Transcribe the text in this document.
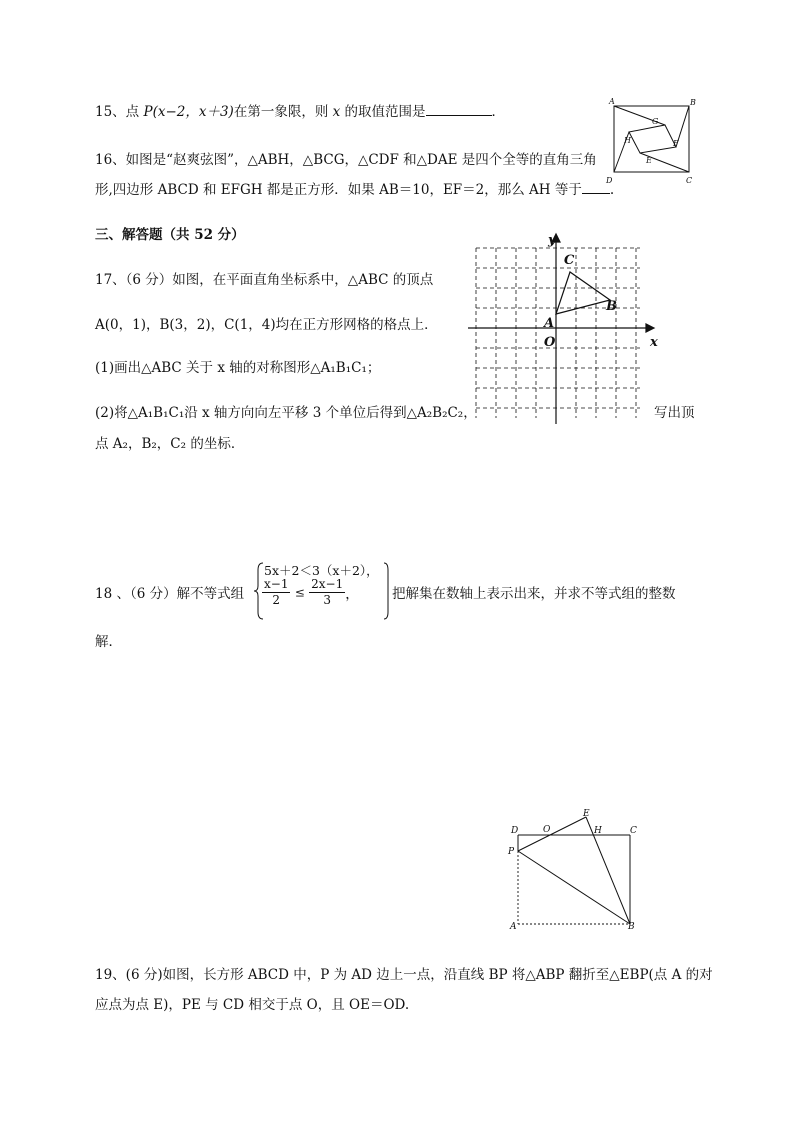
15、点 P(x−2，x＋3)在第一象限，则 x 的取值范围是	．
A	B
C
D
E
F
G
H
16、如图是“赵爽弦图”，△ABH，△BCG，△CDF 和△DAE 是四个全等的直角三角
形,四边形 ABCD 和 EFGH 都是正方形．如果 AB＝10，EF＝2，那么 AH 等于 .
三、解答题（共 52 分）
17、（6 分）如图，在平面直角坐标系中，△ABC 的顶点
A(0，1)，B(3，2)，C(1，4)均在正方形网格的格点上．
(1)画出△ABC 关于 x 轴的对称图形△A₁B₁C₁；
(2)将△A₁B₁C₁沿 x 轴方向向左平移 3 个单位后得到△A₂B₂C₂，	写出顶
点 A₂，B₂，C₂ 的坐标．
y
x
O
A
B
C
18 、（6 分）解不等式组
5x＋2＜3（x＋2），
$\frac{x-1}{2} \le \frac{2x-1}{3}$ ， 把解集在数轴上表示出来，并求不等式组的整数
解．
D	O
E
H	C
P
A	B
19、(6 分)如图，长方形 ABCD 中，P 为 AD 边上一点，沿直线 BP 将△ABP 翻折至△EBP(点 A 的对
应点为点 E)，PE 与 CD 相交于点 O，且 OE＝OD.
